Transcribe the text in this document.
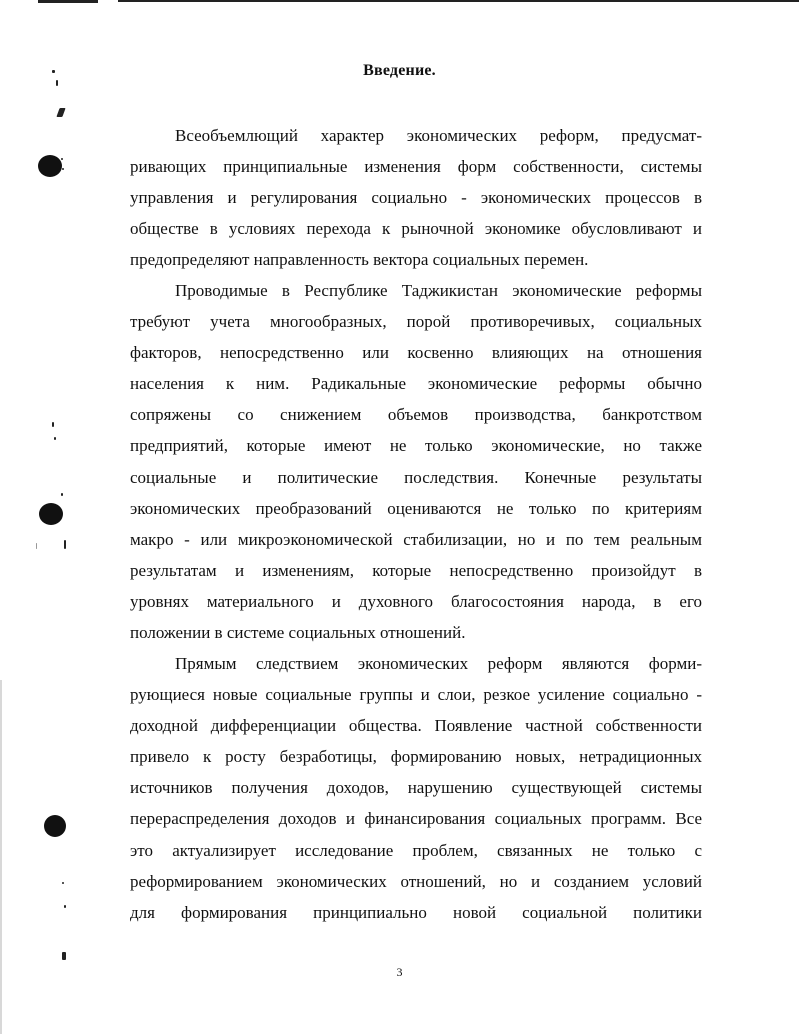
Введение.
Всеобъемлющий характер экономических реформ, предусмат-
ривающих принципиальные изменения форм собственности, системы
управления и регулирования социально - экономических процессов в
обществе в условиях перехода к рыночной экономике обусловливают и
предопределяют направленность вектора социальных перемен.
Проводимые в Республике Таджикистан экономические реформы
требуют учета многообразных, порой противоречивых, социальных
факторов, непосредственно или косвенно влияющих на отношения
населения к ним. Радикальные экономические реформы обычно
сопряжены со снижением объемов производства, банкротством
предприятий, которые имеют не только экономические, но также
социальные и политические последствия. Конечные результаты
экономических преобразований оцениваются не только по критериям
макро - или микроэкономической стабилизации, но и по тем реальным
результатам и изменениям, которые непосредственно произойдут в
уровнях материального и духовного благосостояния народа, в его
положении в системе социальных отношений.
Прямым следствием экономических реформ являются форми-
рующиеся новые социальные группы и слои, резкое усиление социально -
доходной дифференциации общества. Появление частной собственности
привело к росту безработицы, формированию новых, нетрадиционных
источников получения доходов, нарушению существующей системы
перераспределения доходов и финансирования социальных программ. Все
это актуализирует исследование проблем, связанных не только с
реформированием экономических отношений, но и созданием условий
для формирования принципиально новой социальной политики
3
